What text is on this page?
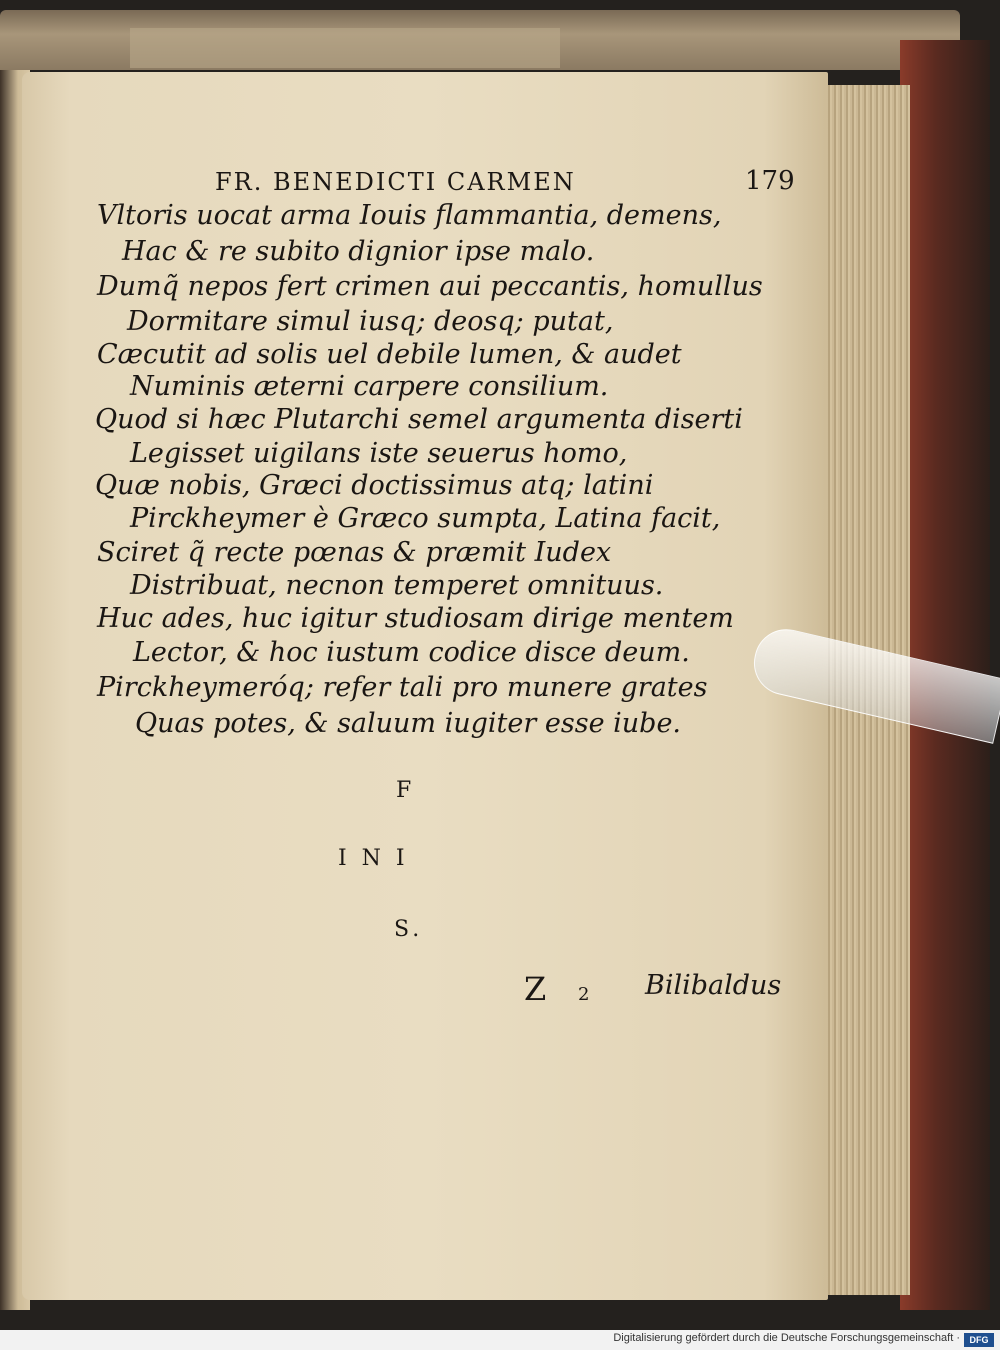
FR. BENEDICTI CARMEN	179
Vltoris uocat arma Iouis flammantia, demens,
Hac & re subito dignior ipse malo.
Dumq̃ nepos fert crimen aui peccantis, homullus
Dormitare simul iusq; deosq; putat,
Cæcutit ad solis uel debile lumen, & audet
Numinis æterni carpere consilium.
Quod si hæc Plutarchi semel argumenta diserti
Legisset uigilans iste seuerus homo,
Quæ nobis, Græci doctissimus atq; latini
Pirckheymer è Græco sumpta, Latina facit,
Sciret q̃ recte pœnas & præmit Iudex
Distribuat, necnon temperet omnituus.
Huc ades, huc igitur studiosam dirige mentem
Lector, & hoc iustum codice disce deum.
Pirckheymeróq; refer tali pro munere grates
Quas potes, & saluum iugiter esse iube.
F
I N I
S.
Z 2 Bilibaldus
Digitalisierung gefördert durch die Deutsche Forschungsgemeinschaft ·	DFG
